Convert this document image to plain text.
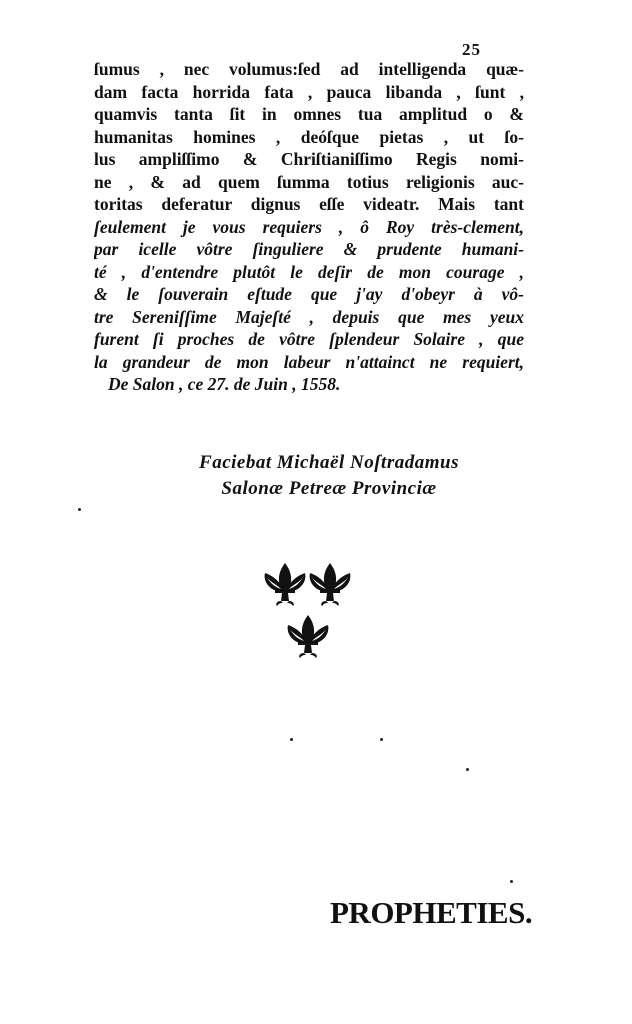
25
ſumus , nec volumus:ſed ad intelligenda quæ-
dam facta horrida fata , pauca libanda , ſunt ,
quamvis tanta ſit in omnes tua amplitud o &
humanitas homines , deóſque pietas , ut ſo-
lus ampliſſimo & Chriſtianiſſimo Regis nomi-
ne , & ad quem ſumma totius religionis auc-
toritas deferatur dignus eſſe videatr. Mais tant
ſeulement je vous requiers , ô Roy très-clement,
par icelle vôtre ſinguliere & prudente humani-
té , d'entendre plutôt le deſir de mon courage ,
& le ſouverain eſtude que j'ay d'obeyr à vô-
tre Sereniſſime Majeſté , depuis que mes yeux
furent ſi proches de vôtre ſplendeur Solaire , que
la grandeur de mon labeur n'attainct ne requiert,
De Salon , ce 27. de Juin , 1558.
Faciebat Michaël Noſtradamus
Salonæ Petreæ Provinciæ
PROPHETIES.
